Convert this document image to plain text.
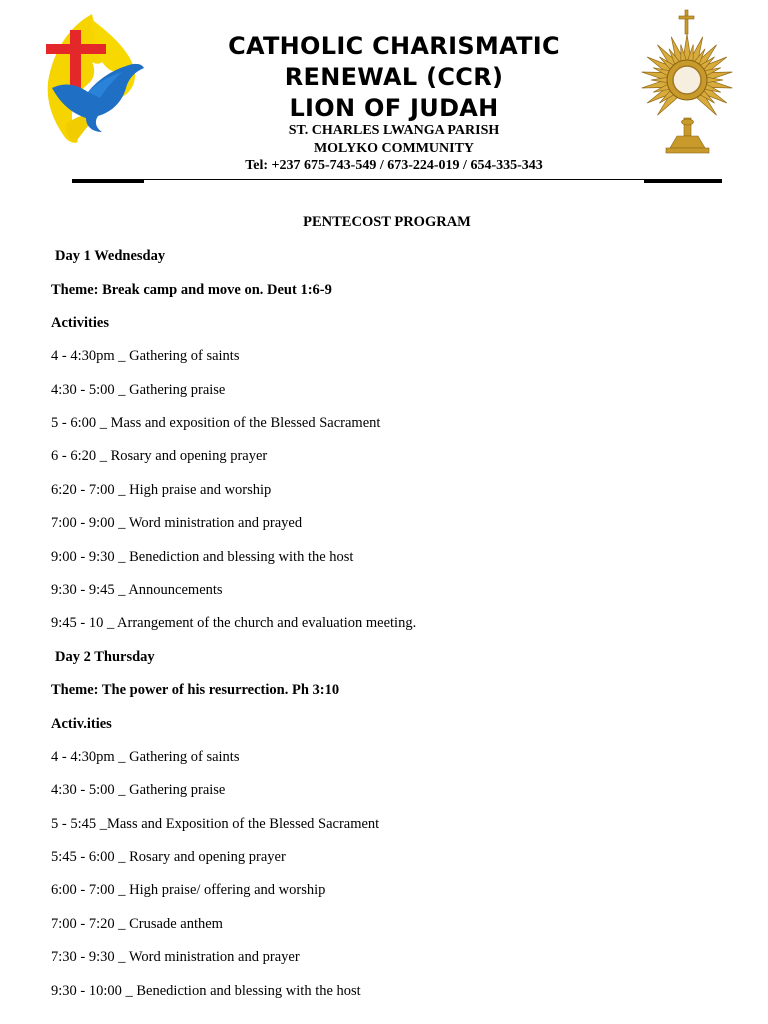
CATHOLIC CHARISMATIC
RENEWAL (CCR)
LION OF JUDAH
ST. CHARLES LWANGA PARISH
MOLYKO COMMUNITY
Tel: +237 675-743-549 / 673-224-019 / 654-335-343
PENTECOST PROGRAM
Day 1 Wednesday
Theme: Break camp and move on. Deut 1:6-9
Activities
4 - 4:30pm _ Gathering of saints
4:30 - 5:00 _ Gathering praise
5 - 6:00 _ Mass and exposition of the Blessed Sacrament
6 - 6:20 _ Rosary and opening prayer
6:20 - 7:00 _ High praise and worship
7:00 - 9:00 _ Word ministration and prayed
9:00 - 9:30 _ Benediction and blessing with the host
9:30 - 9:45 _ Announcements
9:45 - 10 _ Arrangement of the church and evaluation meeting.
Day 2 Thursday
Theme: The power of his resurrection. Ph 3:10
Activ.ities
4 - 4:30pm _ Gathering of saints
4:30 - 5:00 _ Gathering praise
5 - 5:45 _Mass and Exposition of the Blessed Sacrament
5:45 - 6:00 _ Rosary and opening prayer
6:00 - 7:00 _ High praise/ offering and worship
7:00 - 7:20 _ Crusade anthem
7:30 - 9:30 _ Word ministration and prayer
9:30 - 10:00 _ Benediction and blessing with the host
